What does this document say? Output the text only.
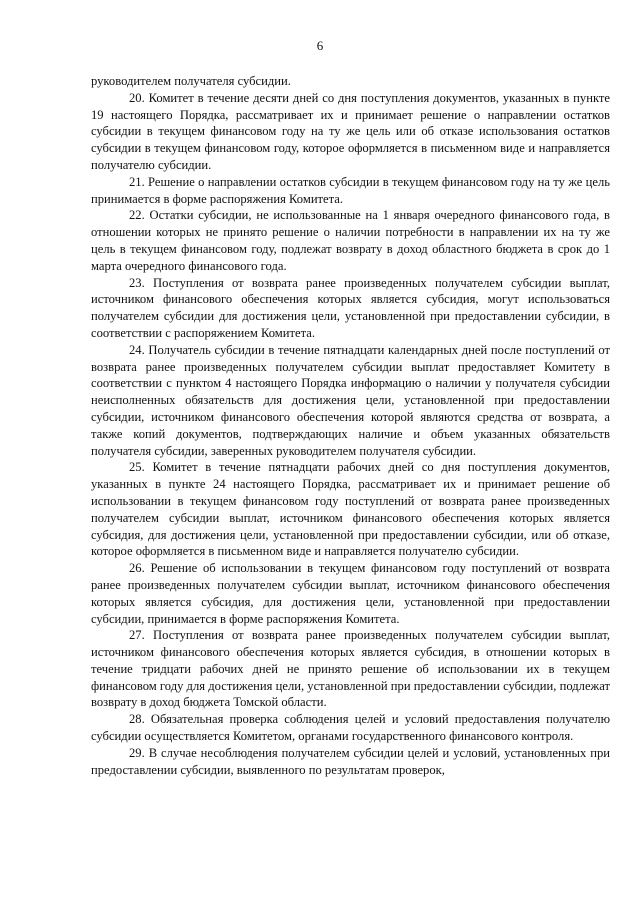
6

руководителем получателя субсидии.

20. Комитет в течение десяти дней со дня поступления документов, указанных в пункте 19 настоящего Порядка, рассматривает их и принимает решение о направлении остатков субсидии в текущем финансовом году на ту же цель или об отказе использования остатков субсидии в текущем финансовом году, которое оформляется в письменном виде и направляется получателю субсидии.

21. Решение о направлении остатков субсидии в текущем финансовом году на ту же цель принимается в форме распоряжения Комитета.

22. Остатки субсидии, не использованные на 1 января очередного финансового года, в отношении которых не принято решение о наличии потребности в направлении их на ту же цель в текущем финансовом году, подлежат возврату в доход областного бюджета в срок до 1 марта очередного финансового года.

23. Поступления от возврата ранее произведенных получателем субсидии выплат, источником финансового обеспечения которых является субсидия, могут использоваться получателем субсидии для достижения цели, установленной при предоставлении субсидии, в соответствии с распоряжением Комитета.

24. Получатель субсидии в течение пятнадцати календарных дней после поступлений от возврата ранее произведенных получателем субсидии выплат предоставляет Комитету в соответствии с пунктом 4 настоящего Порядка информацию о наличии у получателя субсидии неисполненных обязательств для достижения цели, установленной при предоставлении субсидии, источником финансового обеспечения которой являются средства от возврата, а также копий документов, подтверждающих наличие и объем указанных обязательств получателя субсидии, заверенных руководителем получателя субсидии.

25. Комитет в течение пятнадцати рабочих дней со дня поступления документов, указанных в пункте 24 настоящего Порядка, рассматривает их и принимает решение об использовании в текущем финансовом году поступлений от возврата ранее произведенных получателем субсидии выплат, источником финансового обеспечения которых является субсидия, для достижения цели, установленной при предоставлении субсидии, или об отказе, которое оформляется в письменном виде и направляется получателю субсидии.

26. Решение об использовании в текущем финансовом году поступлений от возврата ранее произведенных получателем субсидии выплат, источником финансового обеспечения которых является субсидия, для достижения цели, установленной при предоставлении субсидии, принимается в форме распоряжения Комитета.

27. Поступления от возврата ранее произведенных получателем субсидии выплат, источником финансового обеспечения которых является субсидия, в отношении которых в течение тридцати рабочих дней не принято решение об использовании их в текущем финансовом году для достижения цели, установленной при предоставлении субсидии, подлежат возврату в доход бюджета Томской области.

28. Обязательная проверка соблюдения целей и условий предоставления получателю субсидии осуществляется Комитетом, органами государственного финансового контроля.

29. В случае несоблюдения получателем субсидии целей и условий, установленных при предоставлении субсидии, выявленного по результатам проверок,
